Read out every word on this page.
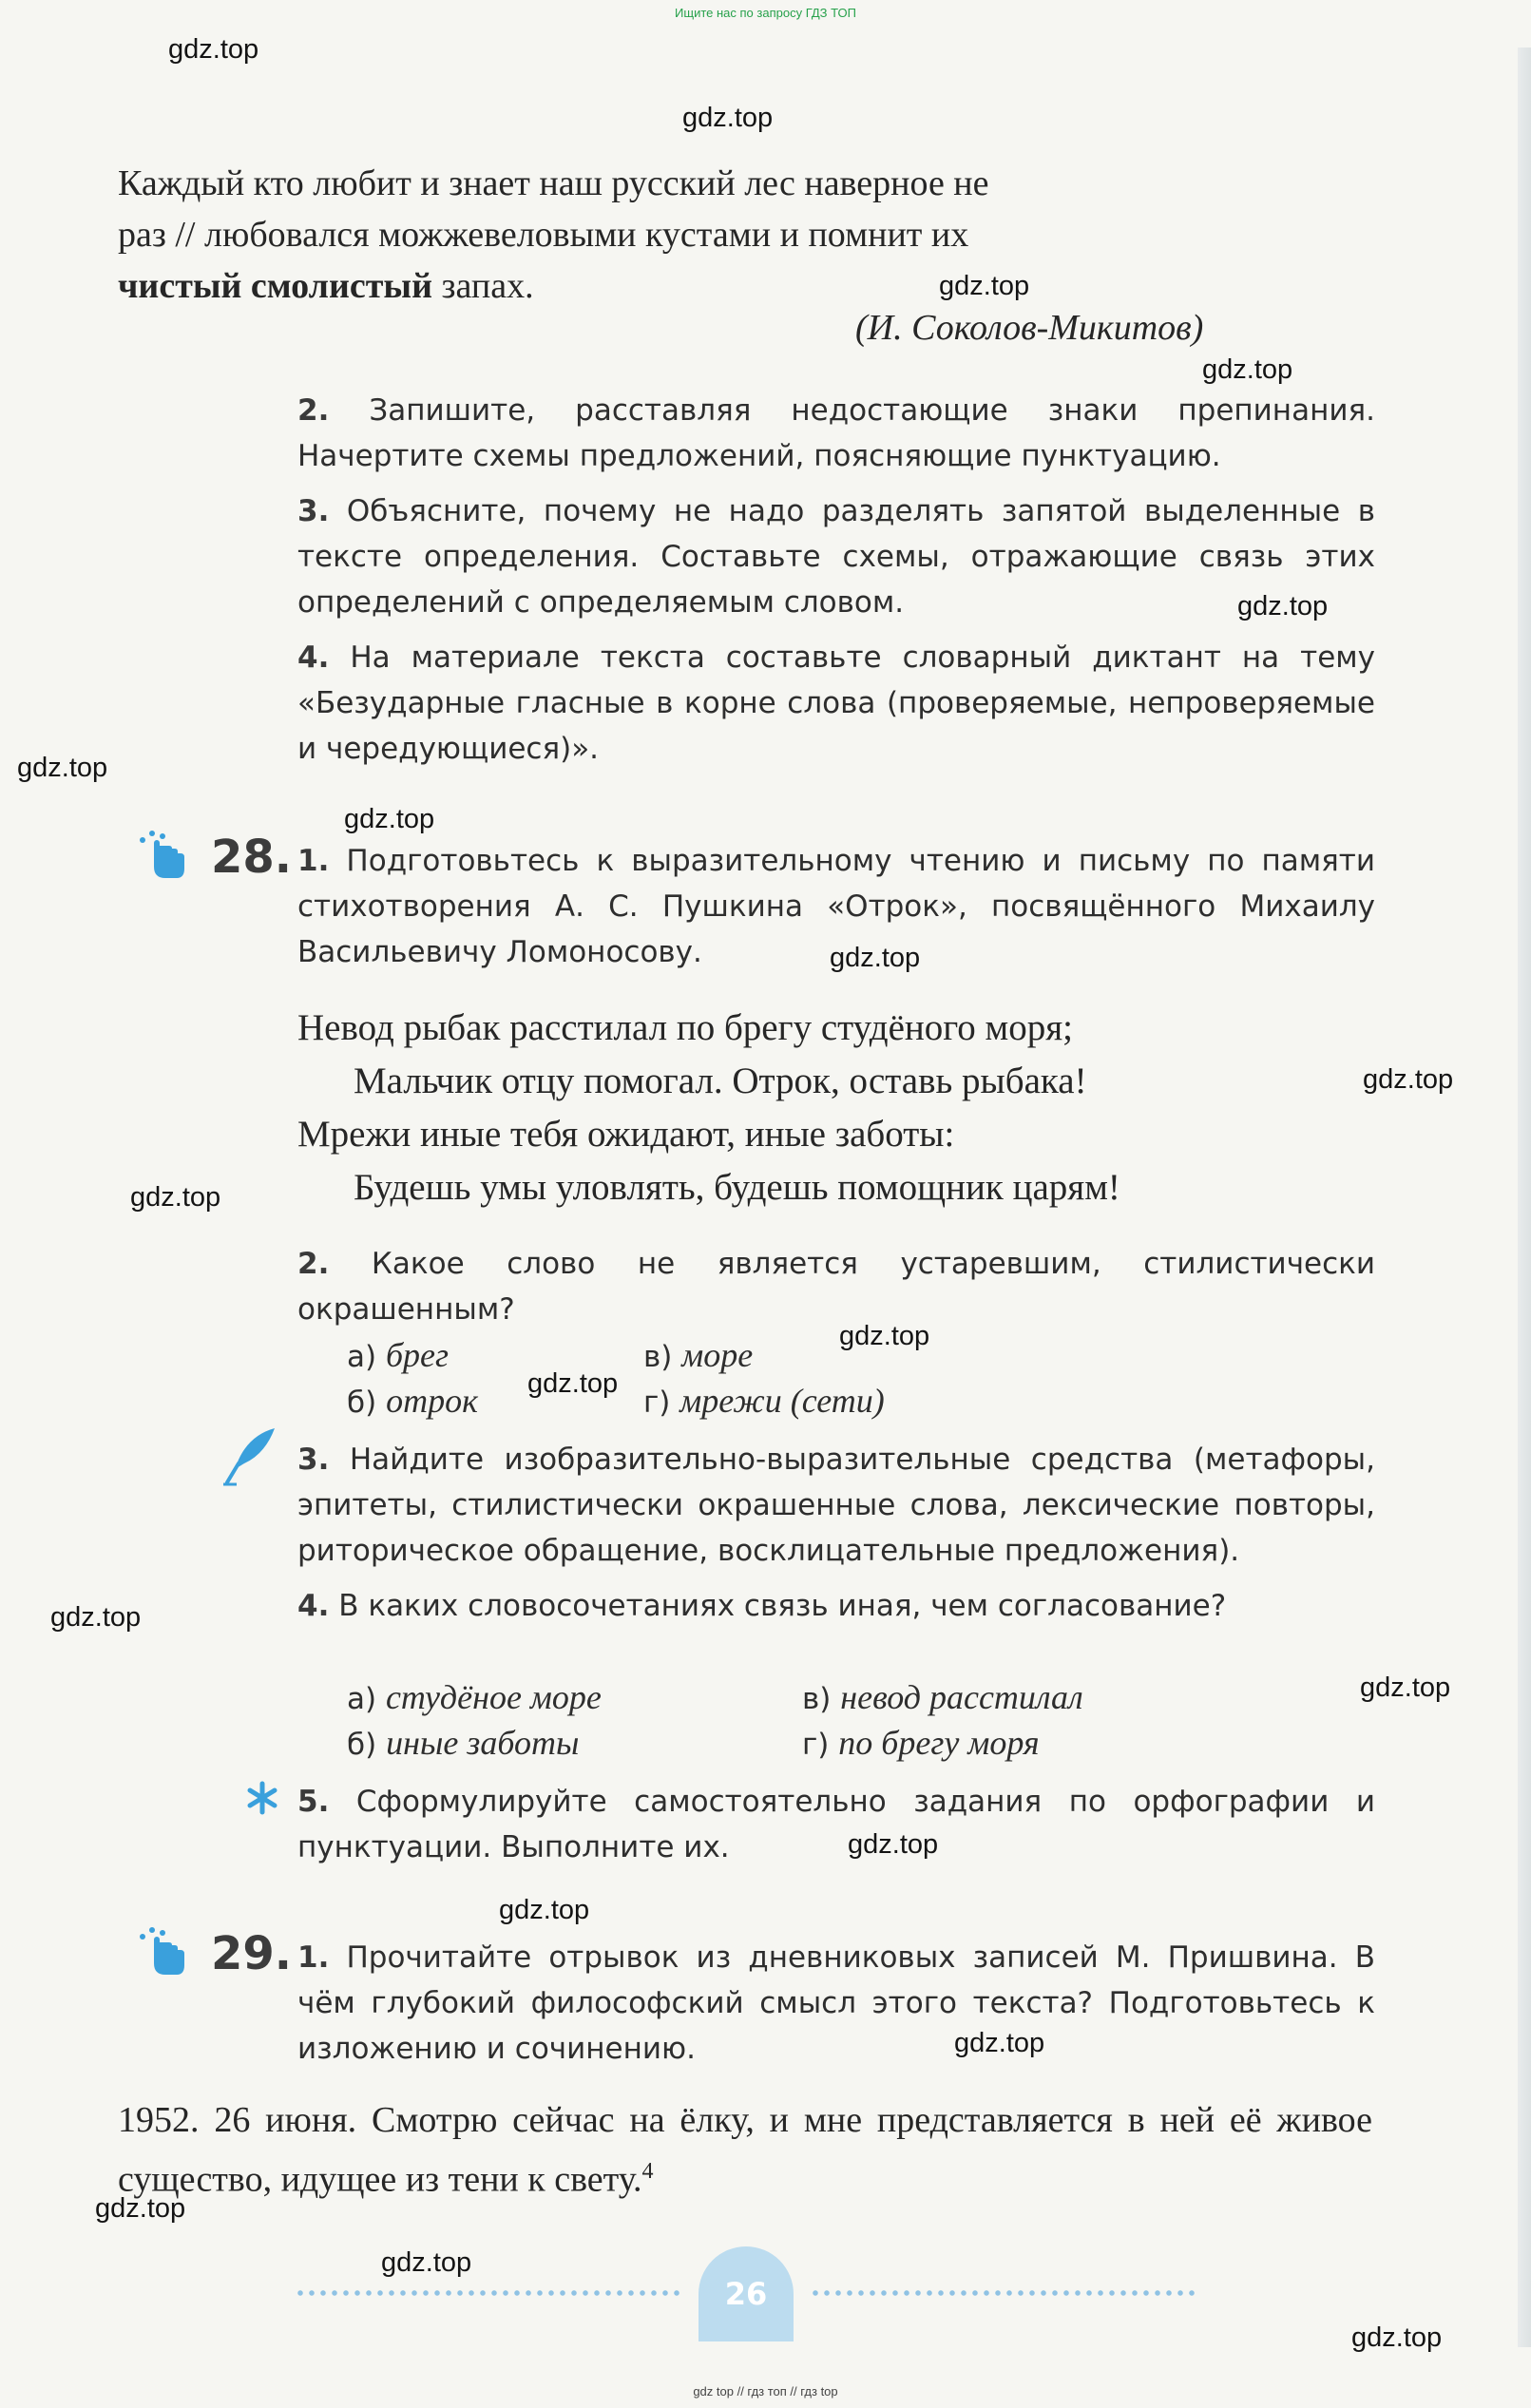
Ищите нас по запросу ГДЗ ТОП
gdz.top
gdz.top
gdz.top
gdz.top
gdz.top
gdz.top
gdz.top
gdz.top
gdz.top
gdz.top
gdz.top
gdz.top
gdz.top
gdz.top
gdz.top
gdz.top
gdz.top
gdz.top
gdz.top
gdz.top

Каждый кто любит и знает наш русский лес наверное не

раз // любовался можжевеловыми кустами и помнит их

чистый смолистый запах.

(И. Соколов-Микитов)

2. Запишите, расставляя недостающие знаки препинания. Начертите схемы предложений, поясняющие пунктуацию.

3. Объясните, почему не надо разделять запятой выделенные в тексте определения. Составьте схемы, отражающие связь этих определений с определяемым словом.

4. На материале текста составьте словарный диктант на тему «Безударные гласные в корне слова (проверяемые, непроверяемые и чередующиеся)».

28. 1. Подготовьтесь к выразительному чтению и письму по памяти стихотворения А. С. Пушкина «Отрок», посвящённого Михаилу Васильевичу Ломоносову.

Невод рыбак расстилал по брегу студёного моря;
Мальчик отцу помогал. Отрок, оставь рыбака!
Мрежи иные тебя ожидают, иные заботы:
Будешь умы уловлять, будешь помощник царям!

2. Какое слово не является устаревшим, стилистически окрашенным?

а) брег	в) море
б) отрок	г) мрежи (сети)

3. Найдите изобразительно-выразительные средства (метафоры, эпитеты, стилистически окрашенные слова, лексические повторы, риторическое обращение, восклицательные предложения).

4. В каких словосочетаниях связь иная, чем согласование?

а) студёное море	в) невод расстилал
б) иные заботы	г) по брегу моря

5. Сформулируйте самостоятельно задания по орфографии и пунктуации. Выполните их.

29. 1. Прочитайте отрывок из дневниковых записей М. Пришвина. В чём глубокий философский смысл этого текста? Подготовьтесь к изложению и сочинению.

1952. 26 июня. Смотрю сейчас на ёлку, и мне представляется в ней её живое существо, идущее из тени к свету.$^4$

26
gdz top // гдз топ // гдз top
